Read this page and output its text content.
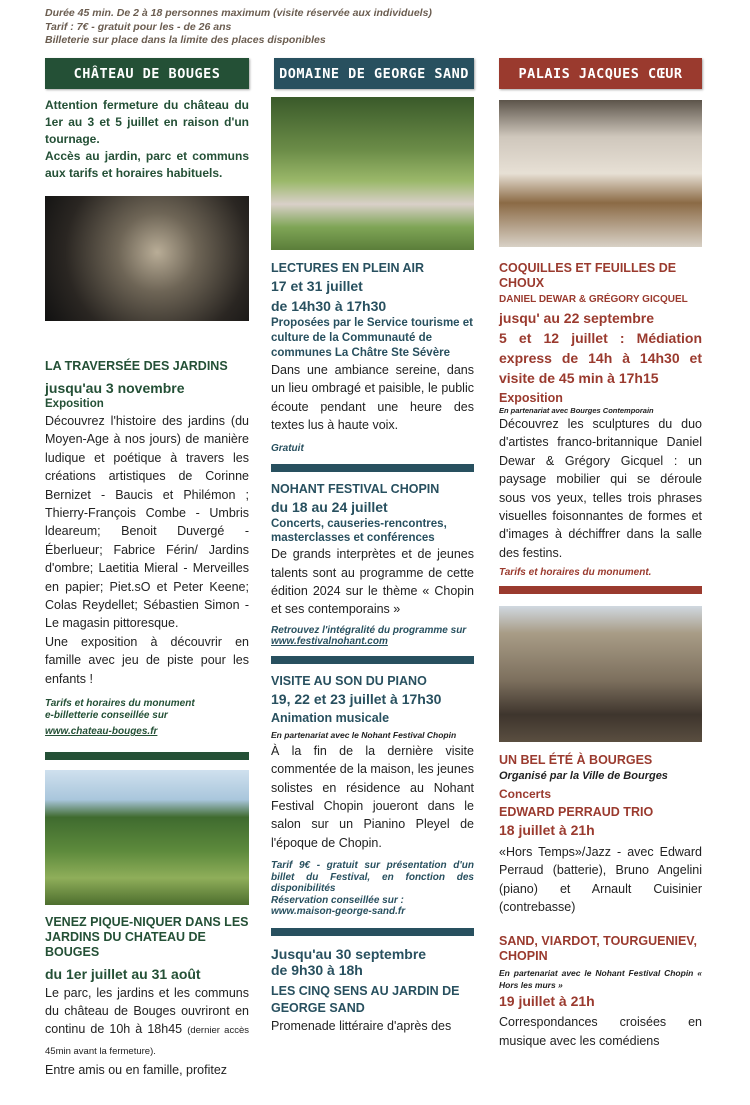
Durée 45 min. De 2 à 18 personnes maximum (visite réservée aux individuels)
Tarif : 7€ - gratuit pour les - de 26 ans
Billeterie sur place dans la limite des places disponibles
CHÂTEAU DE BOUGES
Attention fermeture du château du 1er au 3 et 5 juillet en raison d'un tournage.
Accès au jardin, parc et communs aux tarifs et horaires habituels.
LA TRAVERSÉE DES JARDINS
jusqu'au 3 novembre
Exposition
Découvrez l'histoire des jardins (du Moyen-Age à nos jours) de manière ludique et poétique à travers les créations artistiques de Corinne Bernizet - Baucis et Philémon ; Thierry-François Combe - Umbris ldeareum; Benoit Duvergé - Éberlueur; Fabrice Férin/ Jardins d'ombre; Laetitia Mieral - Merveilles en papier; Piet.sO et Peter Keene; Colas Reydellet; Sébastien Simon - Le magasin pittoresque.
Une exposition à découvrir en famille avec jeu de piste pour les enfants !
Tarifs et horaires du monument
e-billetterie conseillée sur
www.chateau-bouges.fr
VENEZ PIQUE-NIQUER DANS LES JARDINS DU CHATEAU DE BOUGES
du 1er juillet au 31 août
Le parc, les jardins et les communs du château de Bouges ouvriront en continu de 10h à 18h45 (dernier accès 45min avant la fermeture).
Entre amis ou en famille, profitez
DOMAINE DE GEORGE SAND
LECTURES EN PLEIN AIR
17 et 31 juillet
de 14h30 à 17h30
Proposées par le Service tourisme et culture de la Communauté de communes La Châtre Ste Sévère
Dans une ambiance sereine, dans un lieu ombragé et paisible, le public écoute pendant une heure des textes lus à haute voix.
Gratuit
NOHANT FESTIVAL CHOPIN
du 18 au 24 juillet
Concerts, causeries-rencontres, masterclasses et conférences
De grands interprètes et de jeunes talents sont au programme de cette édition 2024 sur le thème « Chopin et ses contemporains »
Retrouvez l'intégralité du programme sur www.festivalnohant.com
VISITE AU SON DU PIANO
19, 22 et 23 juillet à 17h30
Animation musicale
En partenariat avec le Nohant Festival Chopin
À la fin de la dernière visite commentée de la maison, les jeunes solistes en résidence au Nohant Festival Chopin joueront dans le salon sur un Pianino Pleyel de l'époque de Chopin.
Tarif 9€ - gratuit sur présentation d'un billet du Festival, en fonction des disponibilités
Réservation conseillée sur :
www.maison-george-sand.fr
Jusqu'au 30 septembre
de 9h30 à 18h
LES CINQ SENS AU JARDIN DE GEORGE SAND
Promenade littéraire d'après des
PALAIS JACQUES CŒUR
COQUILLES ET FEUILLES DE CHOUX
DANIEL DEWAR & GRÉGORY GICQUEL
jusqu' au 22 septembre
5 et 12 juillet : Médiation express de 14h à 14h30 et visite de 45 min à 17h15
Exposition
En partenariat avec Bourges Contemporain
Découvrez les sculptures du duo d'artistes franco-britannique Daniel Dewar & Grégory Gicquel : un paysage mobilier qui se déroule sous vos yeux, telles trois phrases visuelles foisonnantes de formes et d'images à déchiffrer dans la salle des festins.
Tarifs et horaires du monument.
UN BEL ÉTÉ À BOURGES
Organisé par la Ville de Bourges
Concerts
EDWARD PERRAUD TRIO
18 juillet à 21h
«Hors Temps»/Jazz - avec Edward Perraud (batterie), Bruno Angelini (piano) et Arnault Cuisinier (contrebasse)
SAND, VIARDOT, TOURGUENIEV, CHOPIN
En partenariat avec le Nohant Festival Chopin « Hors les murs »
19 juillet à 21h
Correspondances croisées en musique avec les comédiens
